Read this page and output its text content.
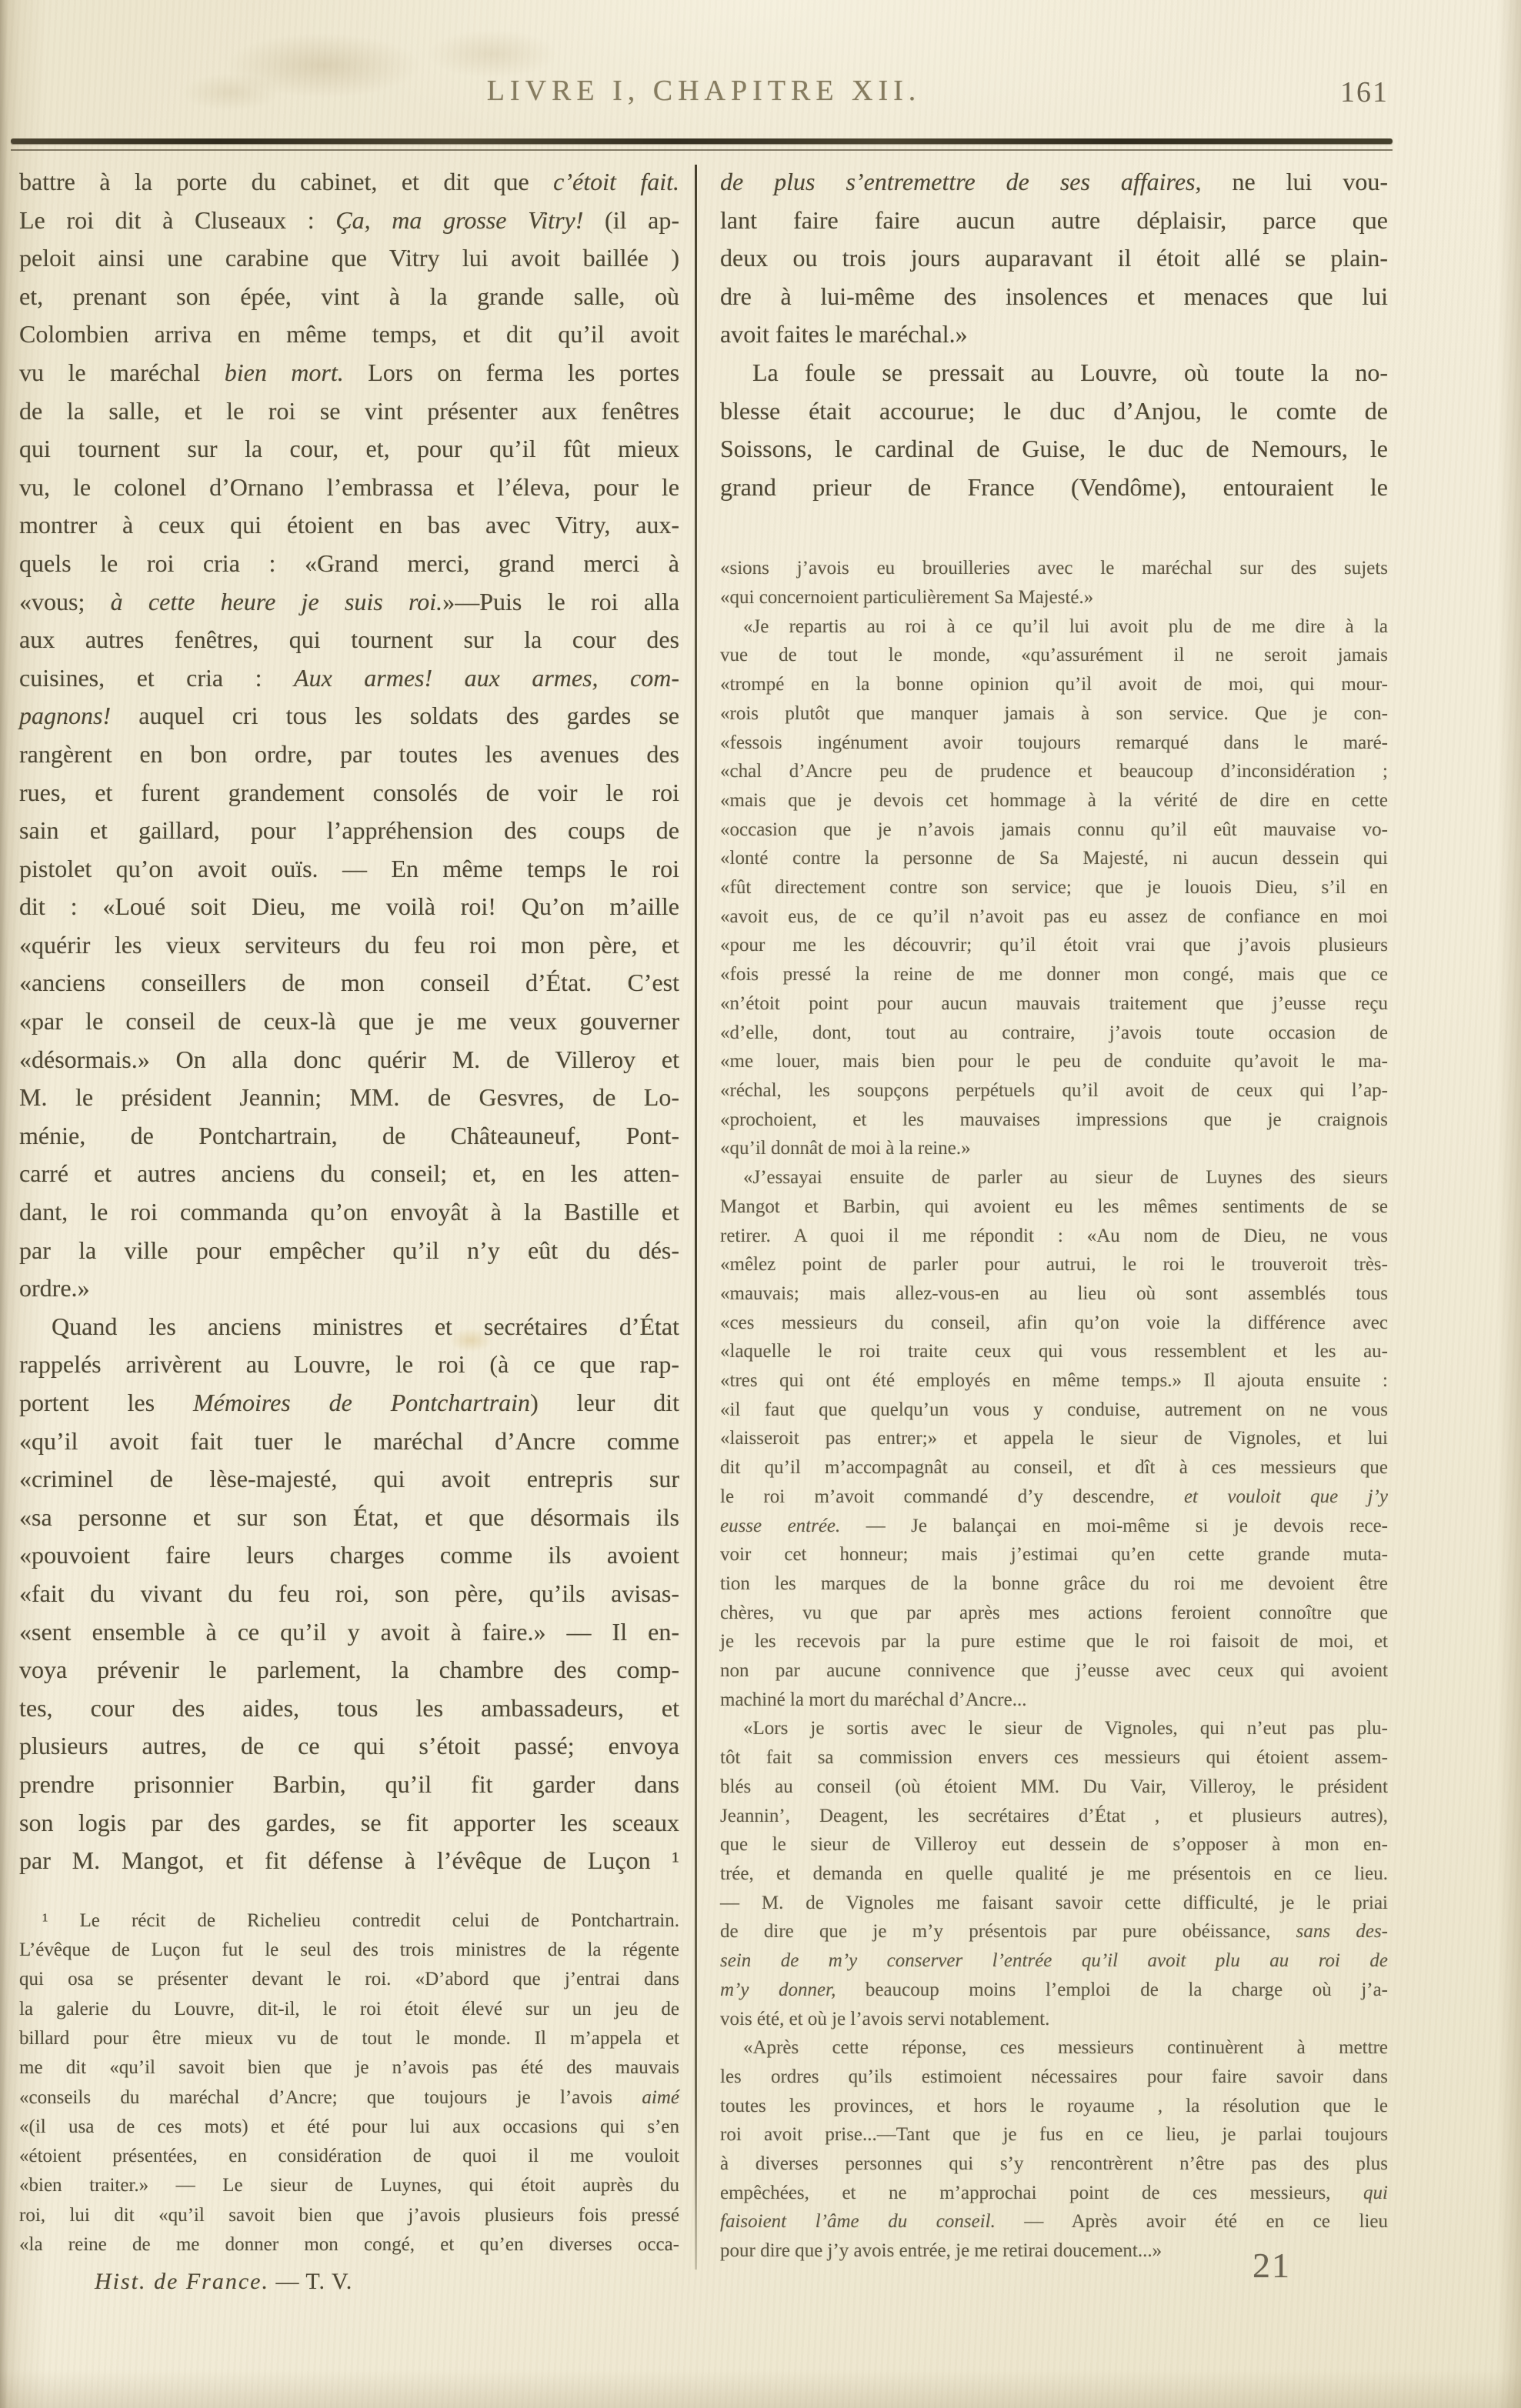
LIVRE I, CHAPITRE XII.	161
battre à la porte du cabinet, et dit que c’étoit fait.
Le roi dit à Cluseaux : Ça, ma grosse Vitry! (il ap-
peloit ainsi une carabine que Vitry lui avoit baillée )
et, prenant son épée, vint à la grande salle, où
Colombien arriva en même temps, et dit qu’il avoit
vu le maréchal bien mort. Lors on ferma les portes
de la salle, et le roi se vint présenter aux fenêtres
qui tournent sur la cour, et, pour qu’il fût mieux
vu, le colonel d’Ornano l’embrassa et l’éleva, pour le
montrer à ceux qui étoient en bas avec Vitry, aux-
quels le roi cria : «Grand merci, grand merci à
«vous; à cette heure je suis roi.»—Puis le roi alla
aux autres fenêtres, qui tournent sur la cour des
cuisines, et cria : Aux armes! aux armes, com-
pagnons! auquel cri tous les soldats des gardes se
rangèrent en bon ordre, par toutes les avenues des
rues, et furent grandement consolés de voir le roi
sain et gaillard, pour l’appréhension des coups de
pistolet qu’on avoit ouïs. — En même temps le roi
dit : «Loué soit Dieu, me voilà roi! Qu’on m’aille
«quérir les vieux serviteurs du feu roi mon père, et
«anciens conseillers de mon conseil d’État. C’est
«par le conseil de ceux-là que je me veux gouverner
«désormais.» On alla donc quérir M. de Villeroy et
M. le président Jeannin; MM. de Gesvres, de Lo-
ménie, de Pontchartrain, de Châteauneuf, Pont-
carré et autres anciens du conseil; et, en les atten-
dant, le roi commanda qu’on envoyât à la Bastille et
par la ville pour empêcher qu’il n’y eût du dés-
ordre.»
Quand les anciens ministres et secrétaires d’État
rappelés arrivèrent au Louvre, le roi (à ce que rap-
portent les Mémoires de Pontchartrain) leur dit
«qu’il avoit fait tuer le maréchal d’Ancre comme
«criminel de lèse-majesté, qui avoit entrepris sur
«sa personne et sur son État, et que désormais ils
«pouvoient faire leurs charges comme ils avoient
«fait du vivant du feu roi, son père, qu’ils avisas-
«sent ensemble à ce qu’il y avoit à faire.» — Il en-
voya prévenir le parlement, la chambre des comp-
tes, cour des aides, tous les ambassadeurs, et
plusieurs autres, de ce qui s’étoit passé; envoya
prendre prisonnier Barbin, qu’il fit garder dans
son logis par des gardes, se fit apporter les sceaux
par M. Mangot, et fit défense à l’évêque de Luçon ¹
¹ Le récit de Richelieu contredit celui de Pontchartrain.
L’évêque de Luçon fut le seul des trois ministres de la régente
qui osa se présenter devant le roi. «D’abord que j’entrai dans
la galerie du Louvre, dit-il, le roi étoit élevé sur un jeu de
billard pour être mieux vu de tout le monde. Il m’appela et
me dit «qu’il savoit bien que je n’avois pas été des mauvais
«conseils du maréchal d’Ancre; que toujours je l’avois aimé
«(il usa de ces mots) et été pour lui aux occasions qui s’en
«étoient présentées, en considération de quoi il me vouloit
«bien traiter.» — Le sieur de Luynes, qui étoit auprès du
roi, lui dit «qu’il savoit bien que j’avois plusieurs fois pressé
«la reine de me donner mon congé, et qu’en diverses occa-
Hist. de France. — T. V.
de plus s’entremettre de ses affaires, ne lui vou-
lant faire faire aucun autre déplaisir, parce que
deux ou trois jours auparavant il étoit allé se plain-
dre à lui-même des insolences et menaces que lui
avoit faites le maréchal.»
La foule se pressait au Louvre, où toute la no-
blesse était accourue; le duc d’Anjou, le comte de
Soissons, le cardinal de Guise, le duc de Nemours, le
grand prieur de France (Vendôme), entouraient le
«sions j’avois eu brouilleries avec le maréchal sur des sujets
«qui concernoient particulièrement Sa Majesté.»
«Je repartis au roi à ce qu’il lui avoit plu de me dire à la
vue de tout le monde, «qu’assurément il ne seroit jamais
«trompé en la bonne opinion qu’il avoit de moi, qui mour-
«rois plutôt que manquer jamais à son service. Que je con-
«fessois ingénument avoir toujours remarqué dans le maré-
«chal d’Ancre peu de prudence et beaucoup d’inconsidération ;
«mais que je devois cet hommage à la vérité de dire en cette
«occasion que je n’avois jamais connu qu’il eût mauvaise vo-
«lonté contre la personne de Sa Majesté, ni aucun dessein qui
«fût directement contre son service; que je louois Dieu, s’il en
«avoit eus, de ce qu’il n’avoit pas eu assez de confiance en moi
«pour me les découvrir; qu’il étoit vrai que j’avois plusieurs
«fois pressé la reine de me donner mon congé, mais que ce
«n’étoit point pour aucun mauvais traitement que j’eusse reçu
«d’elle, dont, tout au contraire, j’avois toute occasion de
«me louer, mais bien pour le peu de conduite qu’avoit le ma-
«réchal, les soupçons perpétuels qu’il avoit de ceux qui l’ap-
«prochoient, et les mauvaises impressions que je craignois
«qu’il donnât de moi à la reine.»
«J’essayai ensuite de parler au sieur de Luynes des sieurs
Mangot et Barbin, qui avoient eu les mêmes sentiments de se
retirer. A quoi il me répondit : «Au nom de Dieu, ne vous
«mêlez point de parler pour autrui, le roi le trouveroit très-
«mauvais; mais allez-vous-en au lieu où sont assemblés tous
«ces messieurs du conseil, afin qu’on voie la différence avec
«laquelle le roi traite ceux qui vous ressemblent et les au-
«tres qui ont été employés en même temps.» Il ajouta ensuite :
«il faut que quelqu’un vous y conduise, autrement on ne vous
«laisseroit pas entrer;» et appela le sieur de Vignoles, et lui
dit qu’il m’accompagnât au conseil, et dît à ces messieurs que
le roi m’avoit commandé d’y descendre, et vouloit que j’y
eusse entrée. — Je balançai en moi-même si je devois rece-
voir cet honneur; mais j’estimai qu’en cette grande muta-
tion les marques de la bonne grâce du roi me devoient être
chères, vu que par après mes actions feroient connoître que
je les recevois par la pure estime que le roi faisoit de moi, et
non par aucune connivence que j’eusse avec ceux qui avoient
machiné la mort du maréchal d’Ancre...
«Lors je sortis avec le sieur de Vignoles, qui n’eut pas plu-
tôt fait sa commission envers ces messieurs qui étoient assem-
blés au conseil (où étoient MM. Du Vair, Villeroy, le président
Jeannin’, Deagent, les secrétaires d’État , et plusieurs autres),
que le sieur de Villeroy eut dessein de s’opposer à mon en-
trée, et demanda en quelle qualité je me présentois en ce lieu.
— M. de Vignoles me faisant savoir cette difficulté, je le priai
de dire que je m’y présentois par pure obéissance, sans des-
sein de m’y conserver l’entrée qu’il avoit plu au roi de
m’y donner, beaucoup moins l’emploi de la charge où j’a-
vois été, et où je l’avois servi notablement.
«Après cette réponse, ces messieurs continuèrent à mettre
les ordres qu’ils estimoient nécessaires pour faire savoir dans
toutes les provinces, et hors le royaume , la résolution que le
roi avoit prise...—Tant que je fus en ce lieu, je parlai toujours
à diverses personnes qui s’y rencontrèrent n’être pas des plus
empêchées, et ne m’approchai point de ces messieurs, qui
faisoient l’âme du conseil. — Après avoir été en ce lieu
pour dire que j’y avois entrée, je me retirai doucement...»	21
